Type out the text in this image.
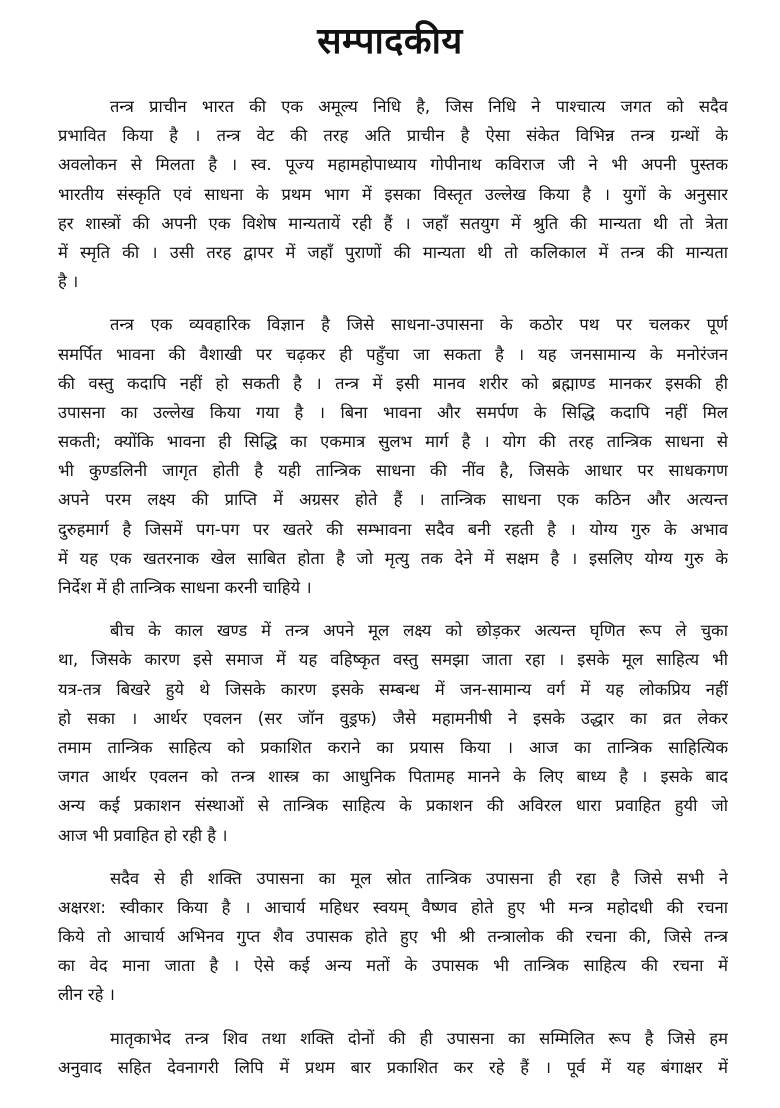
सम्पादकीय
तन्त्र प्राचीन भारत की एक अमूल्य निधि है, जिस निधि ने पाश्चात्य जगत को सदैव
प्रभावित किया है । तन्त्र वेट की तरह अति प्राचीन है ऐसा संकेत विभिन्न तन्त्र ग्रन्थों के
अवलोकन से मिलता है । स्व. पूज्य महामहोपाध्याय गोपीनाथ कविराज जी ने भी अपनी पुस्तक
भारतीय संस्कृति एवं साधना के प्रथम भाग में इसका विस्तृत उल्लेख किया है । युगों के अनुसार
हर शास्त्रों की अपनी एक विशेष मान्यतायें रही हैं । जहाँ सतयुग में श्रुति की मान्यता थी तो त्रेता
में स्मृति की । उसी तरह द्वापर में जहाँ पुराणों की मान्यता थी तो कलिकाल में तन्त्र की मान्यता
है ।
तन्त्र एक व्यवहारिक विज्ञान है जिसे साधना-उपासना के कठोर पथ पर चलकर पूर्ण
समर्पित भावना की वैशाखी पर चढ़कर ही पहुँचा जा सकता है । यह जनसामान्य के मनोरंजन
की वस्तु कदापि नहीं हो सकती है । तन्त्र में इसी मानव शरीर को ब्रह्माण्ड मानकर इसकी ही
उपासना का उल्लेख किया गया है । बिना भावना और समर्पण के सिद्धि कदापि नहीं मिल
सकती; क्योंकि भावना ही सिद्धि का एकमात्र सुलभ मार्ग है । योग की तरह तान्त्रिक साधना से
भी कुण्डलिनी जागृत होती है यही तान्त्रिक साधना की नींव है, जिसके आधार पर साधकगण
अपने परम लक्ष्य की प्राप्ति में अग्रसर होते हैं । तान्त्रिक साधना एक कठिन और अत्यन्त
दुरुहमार्ग है जिसमें पग-पग पर खतरे की सम्भावना सदैव बनी रहती है । योग्य गुरु के अभाव
में यह एक खतरनाक खेल साबित होता है जो मृत्यु तक देने में सक्षम है । इसलिए योग्य गुरु के
निर्देश में ही तान्त्रिक साधना करनी चाहिये ।
बीच के काल खण्ड में तन्त्र अपने मूल लक्ष्य को छोड़कर अत्यन्त घृणित रूप ले चुका
था, जिसके कारण इसे समाज में यह वहिष्कृत वस्तु समझा जाता रहा । इसके मूल साहित्य भी
यत्र-तत्र बिखरे हुये थे जिसके कारण इसके सम्बन्ध में जन-सामान्य वर्ग में यह लोकप्रिय नहीं
हो सका । आर्थर एवलन (सर जॉन वुड्रफ) जैसे महामनीषी ने इसके उद्धार का व्रत लेकर
तमाम तान्त्रिक साहित्य को प्रकाशित कराने का प्रयास किया । आज का तान्त्रिक साहित्यिक
जगत आर्थर एवलन को तन्त्र शास्त्र का आधुनिक पितामह मानने के लिए बाध्य है । इसके बाद
अन्य कई प्रकाशन संस्थाओं से तान्त्रिक साहित्य के प्रकाशन की अविरल धारा प्रवाहित हुयी जो
आज भी प्रवाहित हो रही है ।
सदैव से ही शक्ति उपासना का मूल स्रोत तान्त्रिक उपासना ही रहा है जिसे सभी ने
अक्षरश: स्वीकार किया है । आचार्य महिधर स्वयम् वैष्णव होते हुए भी मन्त्र महोदधी की रचना
किये तो आचार्य अभिनव गुप्त शैव उपासक होते हुए भी श्री तन्त्रालोक की रचना की, जिसे तन्त्र
का वेद माना जाता है । ऐसे कई अन्य मतों के उपासक भी तान्त्रिक साहित्य की रचना में
लीन रहे ।
मातृकाभेद तन्त्र शिव तथा शक्ति दोनों की ही उपासना का सम्मिलित रूप है जिसे हम
अनुवाद सहित देवनागरी लिपि में प्रथम बार प्रकाशित कर रहे हैं । पूर्व में यह बंगाक्षर में
